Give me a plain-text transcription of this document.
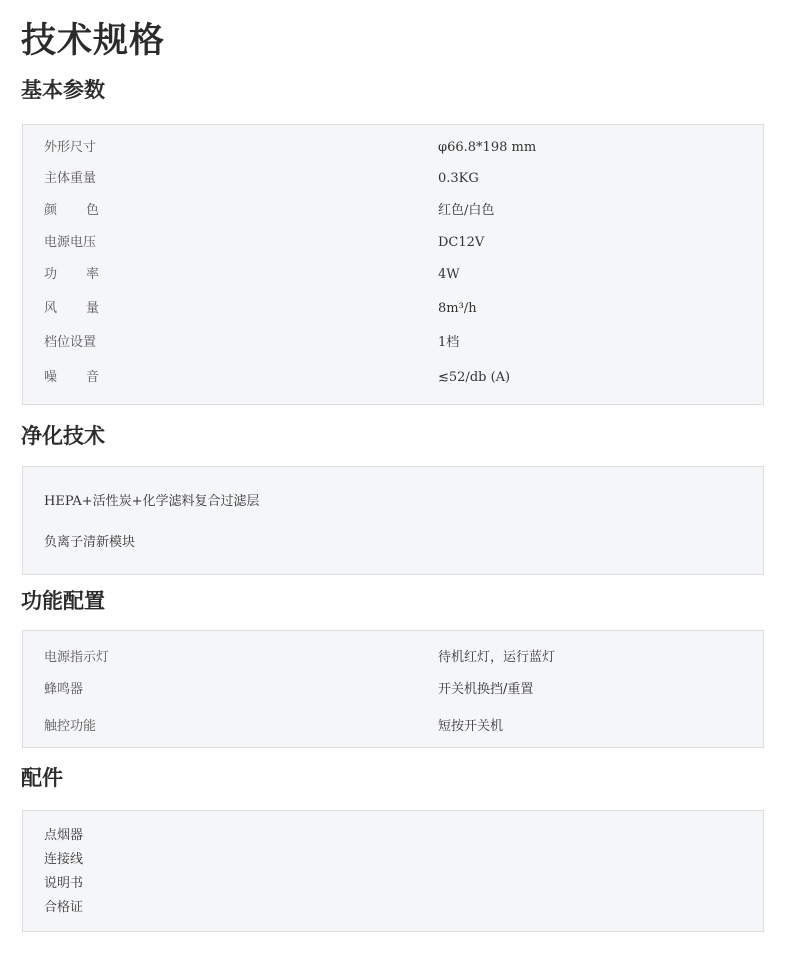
技术规格
基本参数
外形尺寸	φ66.8*198 mm
主体重量	0.3KG
颜色	红色/白色
电源电压	DC12V
功率	4W
风量	8m³/h
档位设置	1档
噪音	≲52/db (A)
净化技术
HEPA+活性炭+化学滤料复合过滤层
负离子清新模块
功能配置
电源指示灯	待机红灯，运行蓝灯
蜂鸣器	开关机换挡/重置
触控功能	短按开关机
配件
点烟器
连接线
说明书
合格证
